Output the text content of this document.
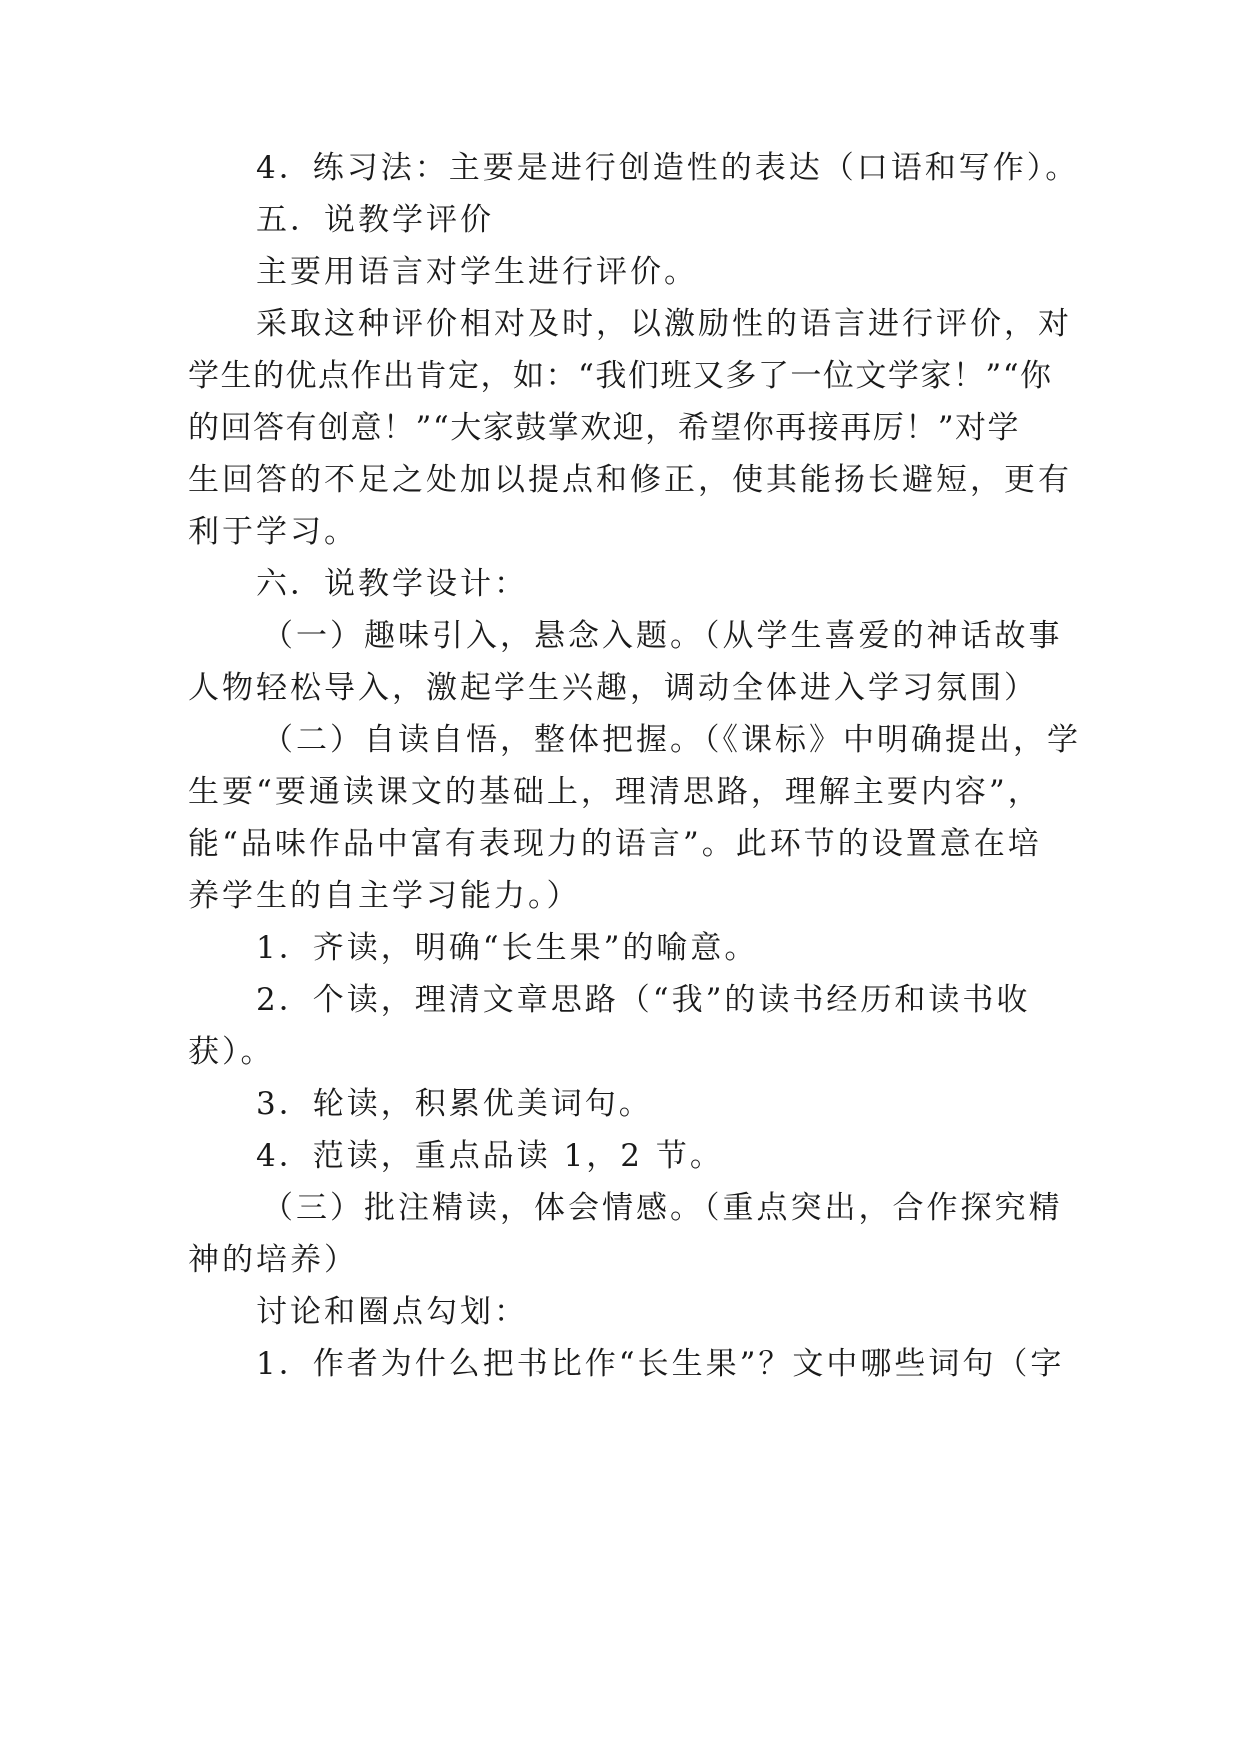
4．练习法：主要是进行创造性的表达（口语和写作）。
五．说教学评价
主要用语言对学生进行评价。
采取这种评价相对及时，以激励性的语言进行评价，对
学生的优点作出肯定，如：“我们班又多了一位文学家！”“你
的回答有创意！”“大家鼓掌欢迎，希望你再接再厉！”对学
生回答的不足之处加以提点和修正，使其能扬长避短，更有
利于学习。
六．说教学设计：
（一）趣味引入，悬念入题。（从学生喜爱的神话故事
人物轻松导入，激起学生兴趣，调动全体进入学习氛围）
（二）自读自悟，整体把握。（《课标》中明确提出，学
生要“要通读课文的基础上，理清思路，理解主要内容”，
能“品味作品中富有表现力的语言”。此环节的设置意在培
养学生的自主学习能力。）
1．齐读，明确“长生果”的喻意。
2．个读，理清文章思路（“我”的读书经历和读书收
获）。
3．轮读，积累优美词句。
4．范读，重点品读 1，2 节。
（三）批注精读，体会情感。（重点突出，合作探究精
神的培养）
讨论和圈点勾划：
1．作者为什么把书比作“长生果”？文中哪些词句（字
